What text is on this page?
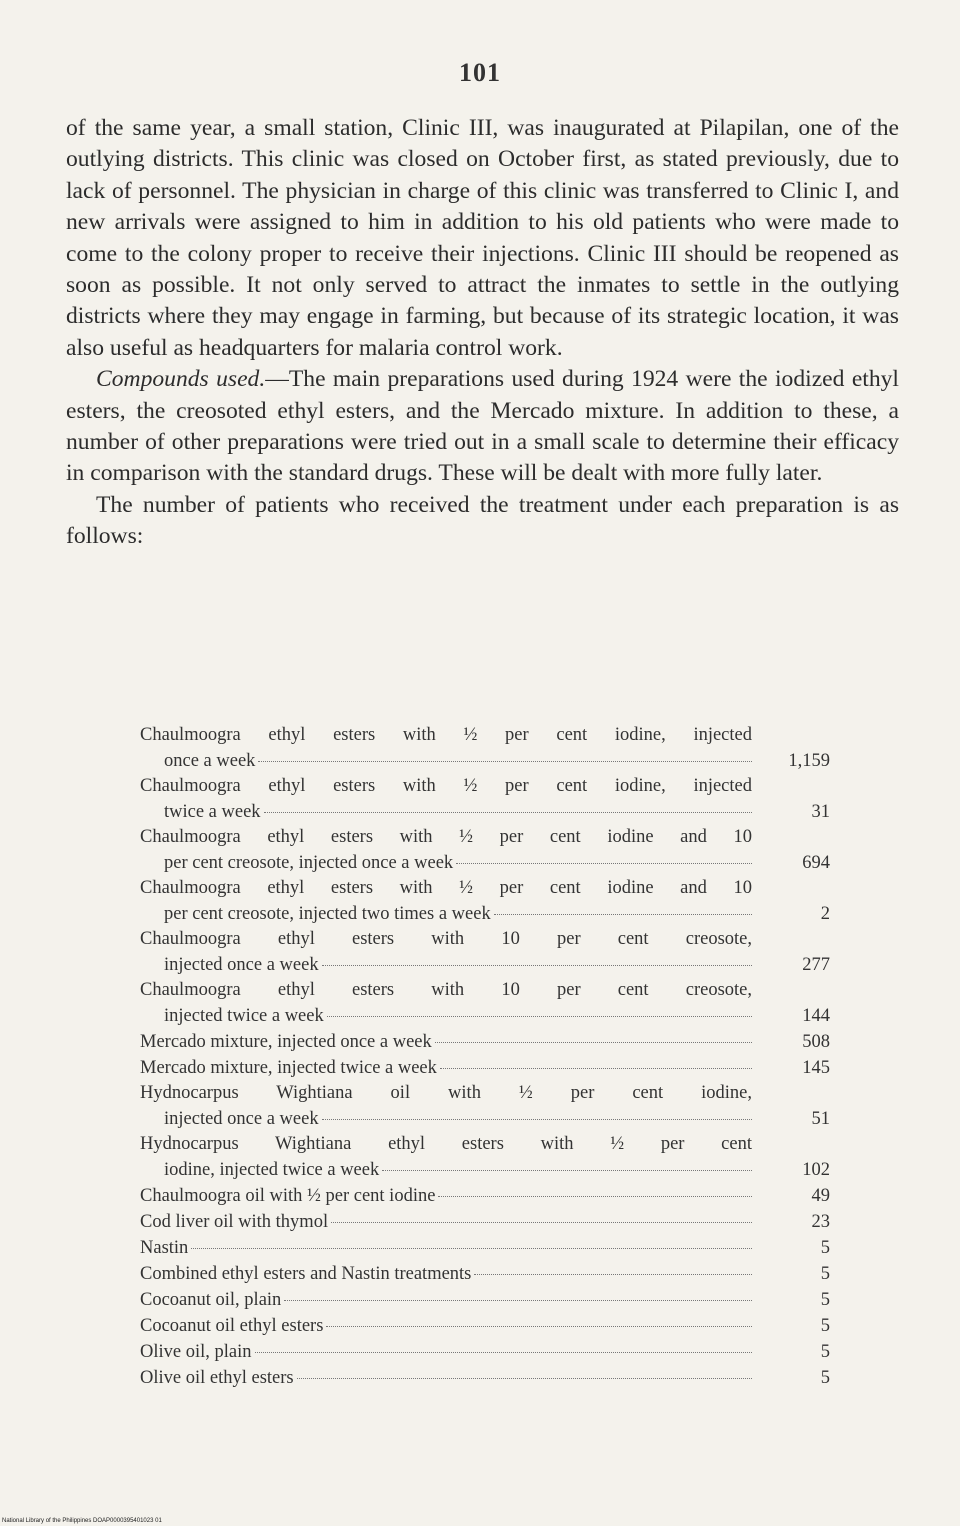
101

of the same year, a small station, Clinic III, was inaugurated at Pilapilan, one of the outlying districts. This clinic was closed on October first, as stated previously, due to lack of personnel. The physician in charge of this clinic was transferred to Clinic I, and new arrivals were assigned to him in addition to his old patients who were made to come to the colony proper to receive their injections. Clinic III should be reopened as soon as possible. It not only served to attract the inmates to settle in the outlying districts where they may engage in farming, but because of its strategic location, it was also useful as headquarters for malaria control work.

Compounds used.—The main preparations used during 1924 were the iodized ethyl esters, the creosoted ethyl esters, and the Mercado mixture. In addition to these, a number of other preparations were tried out in a small scale to determine their efficacy in comparison with the standard drugs. These will be dealt with more fully later.

The number of patients who received the treatment under each preparation is as follows:

Chaulmoogra ethyl esters with ½ per cent iodine, injected
once a week	1,159
Chaulmoogra ethyl esters with ½ per cent iodine, injected
twice a week	31
Chaulmoogra ethyl esters with ½ per cent iodine and 10
per cent creosote, injected once a week	694
Chaulmoogra ethyl esters with ½ per cent iodine and 10
per cent creosote, injected two times a week	2
Chaulmoogra ethyl esters with 10 per cent creosote,
injected once a week	277
Chaulmoogra ethyl esters with 10 per cent creosote,
injected twice a week	144
Mercado mixture, injected once a week	508
Mercado mixture, injected twice a week	145
Hydnocarpus Wightiana oil with ½ per cent iodine,
injected once a week	51
Hydnocarpus Wightiana ethyl esters with ½ per cent
iodine, injected twice a week	102
Chaulmoogra oil with ½ per cent iodine	49
Cod liver oil with thymol	23
Nastin	5
Combined ethyl esters and Nastin treatments	5
Cocoanut oil, plain	5
Cocoanut oil ethyl esters	5
Olive oil, plain	5
Olive oil ethyl esters	5
National Library of the Philippines DOAP0000395401023 01
